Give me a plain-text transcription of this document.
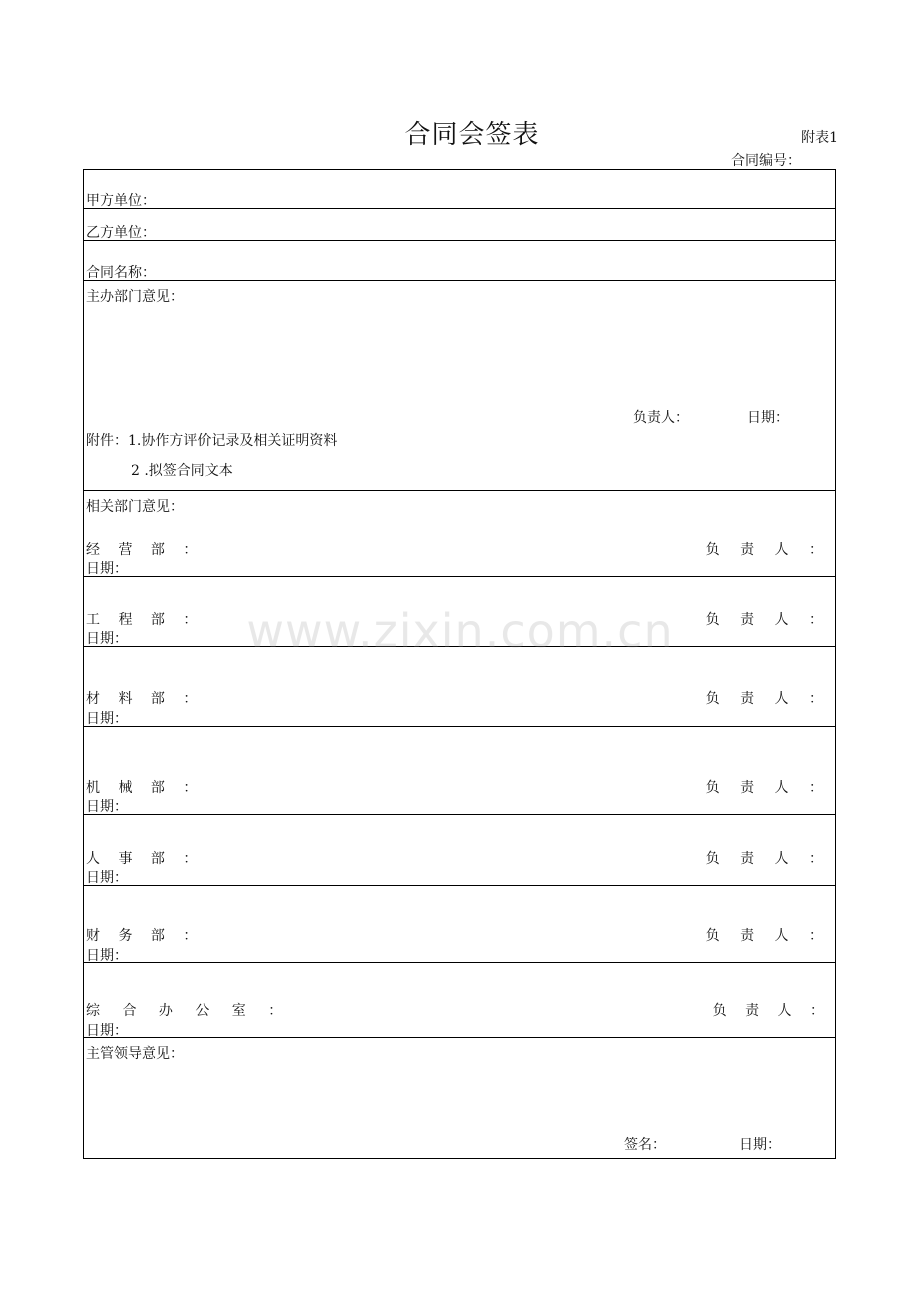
合同会签表	附表1
合同编号：
甲方单位：
乙方单位：
合同名称：
主办部门意见：
负责人：	日期：
附件：1.协作方评价记录及相关证明资料
2 .拟签合同文本
相关部门意见：
经 营 部 ：	负 责 人 ：
日期：
工 程 部 ：	负 责 人 ：
日期：
材 料 部 ：	负 责 人 ：
日期：
机 械 部 ：	负 责 人 ：
日期：
人 事 部 ：	负 责 人 ：
日期：
财 务 部 ：	负 责 人 ：
日期：
综 合 办 公 室 ：	负 责 人 ：
日期：
主管领导意见：
签名：	日期：
www.zixin.com.cn
